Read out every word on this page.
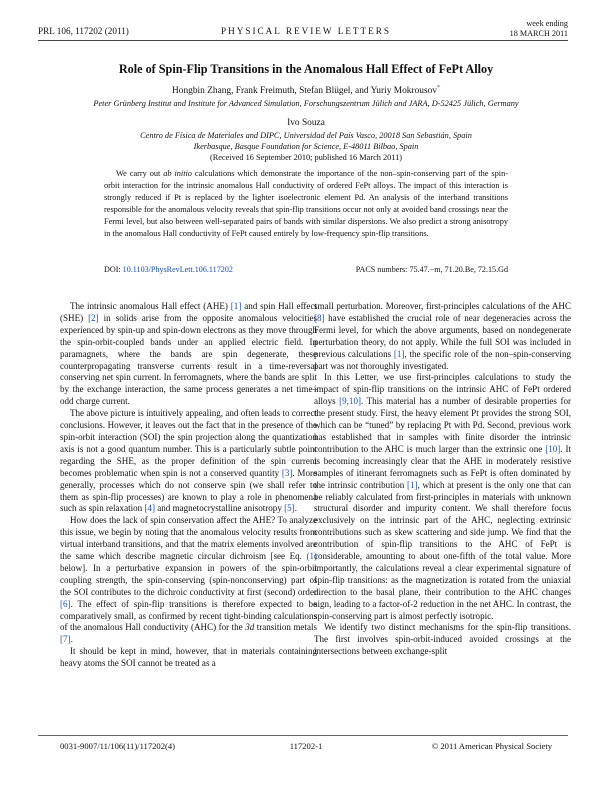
PRL 106, 117202 (2011)	PHYSICAL REVIEW LETTERS
week ending
18 MARCH 2011
Role of Spin-Flip Transitions in the Anomalous Hall Effect of FePt Alloy
Hongbin Zhang, Frank Freimuth, Stefan Blügel, and Yuriy Mokrousov*
Peter Grünberg Institut and Institute for Advanced Simulation, Forschungszentrum Jülich and JARA, D-52425 Jülich, Germany
Ivo Souza
Centro de Física de Materiales and DIPC, Universidad del País Vasco, 20018 San Sebastián, Spain
Ikerbasque, Basque Foundation for Science, E-48011 Bilbao, Spain
(Received 16 September 2010; published 16 March 2011)

We carry out ab initio calculations which demonstrate the importance of the non–spin-conserving part of the spin-orbit interaction for the intrinsic anomalous Hall conductivity of ordered FePt alloys. The impact of this interaction is strongly reduced if Pt is replaced by the lighter isoelectronic element Pd. An analysis of the interband transitions responsible for the anomalous velocity reveals that spin-flip transitions occur not only at avoided band crossings near the Fermi level, but also between well-separated pairs of bands with similar dispersions. We also predict a strong anisotropy in the anomalous Hall conductivity of FePt caused entirely by low-frequency spin-flip transitions.

DOI: 10.1103/PhysRevLett.106.117202	PACS numbers: 75.47.−m, 71.20.Be, 72.15.Gd

The intrinsic anomalous Hall effect (AHE) [1] and spin Hall effect (SHE) [2] in solids arise from the opposite anomalous velocities experienced by spin-up and spin-down electrons as they move through the spin-orbit-coupled bands under an applied electric field. In paramagnets, where the bands are spin degenerate, these counterpropagating transverse currents result in a time-reversal conserving net spin current. In ferromagnets, where the bands are split by the exchange interaction, the same process generates a net time–odd charge current.

The above picture is intuitively appealing, and often leads to correct conclusions. However, it leaves out the fact that in the presence of the spin-orbit interaction (SOI) the spin projection along the quantization axis is not a good quantum number. This is a particularly subtle point regarding the SHE, as the proper definition of the spin current becomes problematic when spin is not a conserved quantity [3]. More generally, processes which do not conserve spin (we shall refer to them as spin-flip processes) are known to play a role in phenomena such as spin relaxation [4] and magnetocrystalline anisotropy [5].

How does the lack of spin conservation affect the AHE? To analyze this issue, we begin by noting that the anomalous velocity results from virtual interband transitions, and that the matrix elements involved are the same which describe magnetic circular dichroism [see Eq. (1) below]. In a perturbative expansion in powers of the spin-orbit coupling strength, the spin-conserving (spin-nonconserving) part of the SOI contributes to the dichroic conductivity at first (second) order [6]. The effect of spin-flip transitions is therefore expected to be comparatively small, as confirmed by recent tight-binding calculations of the anomalous Hall conductivity (AHC) for the 3d transition metals [7].

It should be kept in mind, however, that in materials containing heavy atoms the SOI cannot be treated as a

small perturbation. Moreover, first-principles calculations of the AHC [8] have established the crucial role of near degeneracies across the Fermi level, for which the above arguments, based on nondegenerate perturbation theory, do not apply. While the full SOI was included in previous calculations [1], the specific role of the non–spin-conserving part was not thoroughly investigated.

In this Letter, we use first-principles calculations to study the impact of spin-flip transitions on the intrinsic AHC of FePt ordered alloys [9,10]. This material has a number of desirable properties for the present study. First, the heavy element Pt provides the strong SOI, which can be “tuned” by replacing Pt with Pd. Second, previous work has established that in samples with finite disorder the intrinsic contribution to the AHC is much larger than the extrinsic one [10]. It is becoming increasingly clear that the AHE in moderately resistive samples of itinerant ferromagnets such as FePt is often dominated by the intrinsic contribution [1], which at present is the only one that can be reliably calculated from first-principles in materials with unknown structural disorder and impurity content. We shall therefore focus exclusively on the intrinsic part of the AHC, neglecting extrinsic contributions such as skew scattering and side jump. We find that the contribution of spin-flip transitions to the AHC of FePt is considerable, amounting to about one-fifth of the total value. More importantly, the calculations reveal a clear experimental signature of spin-flip transitions: as the magnetization is rotated from the uniaxial direction to the basal plane, their contribution to the AHC changes sign, leading to a factor-of-2 reduction in the net AHC. In contrast, the spin-conserving part is almost perfectly isotropic.

We identify two distinct mechanisms for the spin-flip transitions. The first involves spin-orbit-induced avoided crossings at the intersections between exchange-split

0031-9007/11/106(11)/117202(4)	117202-1	© 2011 American Physical Society
